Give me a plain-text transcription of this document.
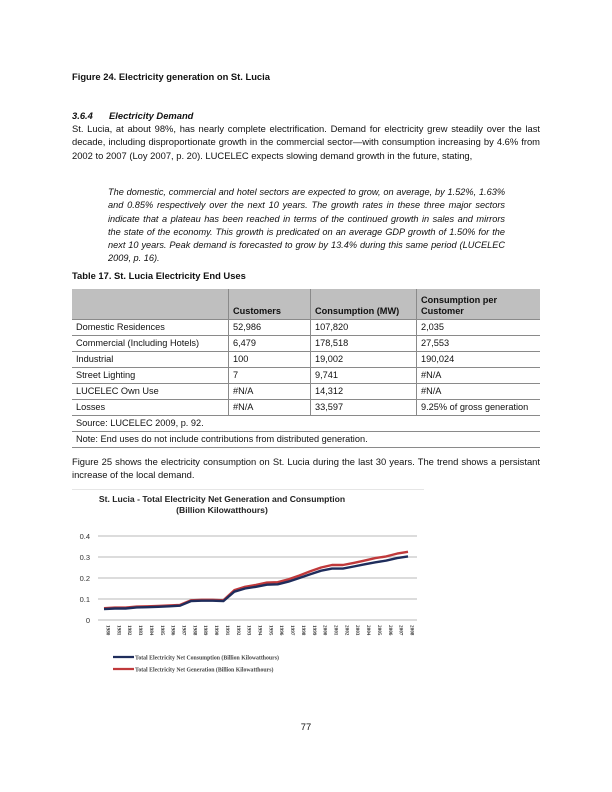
Figure 24. Electricity generation on St. Lucia
3.6.4 Electricity Demand
St. Lucia, at about 98%, has nearly complete electrification. Demand for electricity grew steadily over the last decade, including disproportionate growth in the commercial sector—with consumption increasing by 4.6% from 2002 to 2007 (Loy 2007, p. 20). LUCELEC expects slowing demand growth in the future, stating,
The domestic, commercial and hotel sectors are expected to grow, on average, by 1.52%, 1.63% and 0.85% respectively over the next 10 years. The growth rates in these three major sectors indicate that a plateau has been reached in terms of the continued growth in sales and mirrors the state of the economy. This growth is predicated on an average GDP growth of 1.50% for the next 10 years. Peak demand is forecasted to grow by 13.4% during this same period (LUCELEC 2009, p. 16).
Table 17. St. Lucia Electricity End Uses
	Customers	Consumption (MW)	Consumption per Customer
Domestic Residences	52,986	107,820	2,035
Commercial (Including Hotels)	6,479	178,518	27,553
Industrial	100	19,002	190,024
Street Lighting	7	9,741	#N/A
LUCELEC Own Use	#N/A	14,312	#N/A
Losses	#N/A	33,597	9.25% of gross generation
Source: LUCELEC 2009, p. 92.			
Note: End uses do not include contributions from distributed generation.			
Figure 25 shows the electricity consumption on St. Lucia during the last 30 years. The trend shows a persistant increase of the local demand.
St. Lucia - Total Electricity Net Generation and Consumption
(Billion Kilowatthours)
0
0.1
0.2
0.3
0.4
1980 1981 1982 1983 1984 1985 1986 1987 1988 1989 1990 1991 1992 1993 1994 1995 1996 1997 1998 1999 2000 2001 2002 2003 2004 2005 2006 2007 2008
Total Electricity Net Consumption (Billion Kilowatthours)
Total Electricity Net Generation (Billion Kilowatthours)
77
